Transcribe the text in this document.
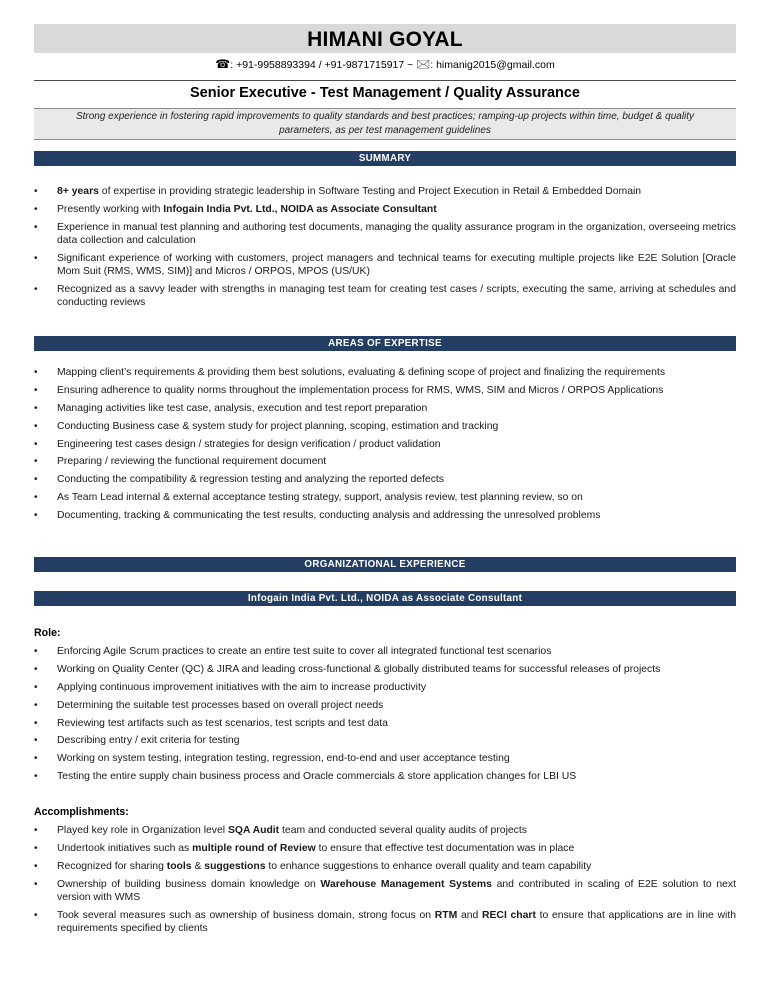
HIMANI GOYAL
☎: +91-9958893394 / +91-9871715917 ~ 🖂: himanig2015@gmail.com
Senior Executive - Test Management / Quality Assurance
Strong experience in fostering rapid improvements to quality standards and best practices; ramping-up projects within time, budget & quality parameters, as per test management guidelines
SUMMARY
• 8+ years of expertise in providing strategic leadership in Software Testing and Project Execution in Retail & Embedded Domain
• Presently working with Infogain India Pvt. Ltd., NOIDA as Associate Consultant
• Experience in manual test planning and authoring test documents, managing the quality assurance program in the organization, overseeing metrics data collection and calculation
• Significant experience of working with customers, project managers and technical teams for executing multiple projects like E2E Solution [Oracle Mom Suit (RMS, WMS, SIM)] and Micros / ORPOS, MPOS (US/UK)
• Recognized as a savvy leader with strengths in managing test team for creating test cases / scripts, executing the same, arriving at schedules and conducting reviews
AREAS OF EXPERTISE
• Mapping client’s requirements & providing them best solutions, evaluating & defining scope of project and finalizing the requirements
• Ensuring adherence to quality norms throughout the implementation process for RMS, WMS, SIM and Micros / ORPOS Applications
• Managing activities like test case, analysis, execution and test report preparation
• Conducting Business case & system study for project planning, scoping, estimation and tracking
• Engineering test cases design / strategies for design verification / product validation
• Preparing / reviewing the functional requirement document
• Conducting the compatibility & regression testing and analyzing the reported defects
• As Team Lead internal & external acceptance testing strategy, support, analysis review, test planning review, so on
• Documenting, tracking & communicating the test results, conducting analysis and addressing the unresolved problems
ORGANIZATIONAL EXPERIENCE
Infogain India Pvt. Ltd., NOIDA as Associate Consultant
Role:
• Enforcing Agile Scrum practices to create an entire test suite to cover all integrated functional test scenarios
• Working on Quality Center (QC) & JIRA and leading cross-functional & globally distributed teams for successful releases of projects
• Applying continuous improvement initiatives with the aim to increase productivity
• Determining the suitable test processes based on overall project needs
• Reviewing test artifacts such as test scenarios, test scripts and test data
• Describing entry / exit criteria for testing
• Working on system testing, integration testing, regression, end-to-end and user acceptance testing
• Testing the entire supply chain business process and Oracle commercials & store application changes for LBI US
Accomplishments:
• Played key role in Organization level SQA Audit team and conducted several quality audits of projects
• Undertook initiatives such as multiple round of Review to ensure that effective test documentation was in place
• Recognized for sharing tools & suggestions to enhance suggestions to enhance overall quality and team capability
• Ownership of building business domain knowledge on Warehouse Management Systems and contributed in scaling of E2E solution to next version with WMS
• Took several measures such as ownership of business domain, strong focus on RTM and RECI chart to ensure that applications are in line with requirements specified by clients
